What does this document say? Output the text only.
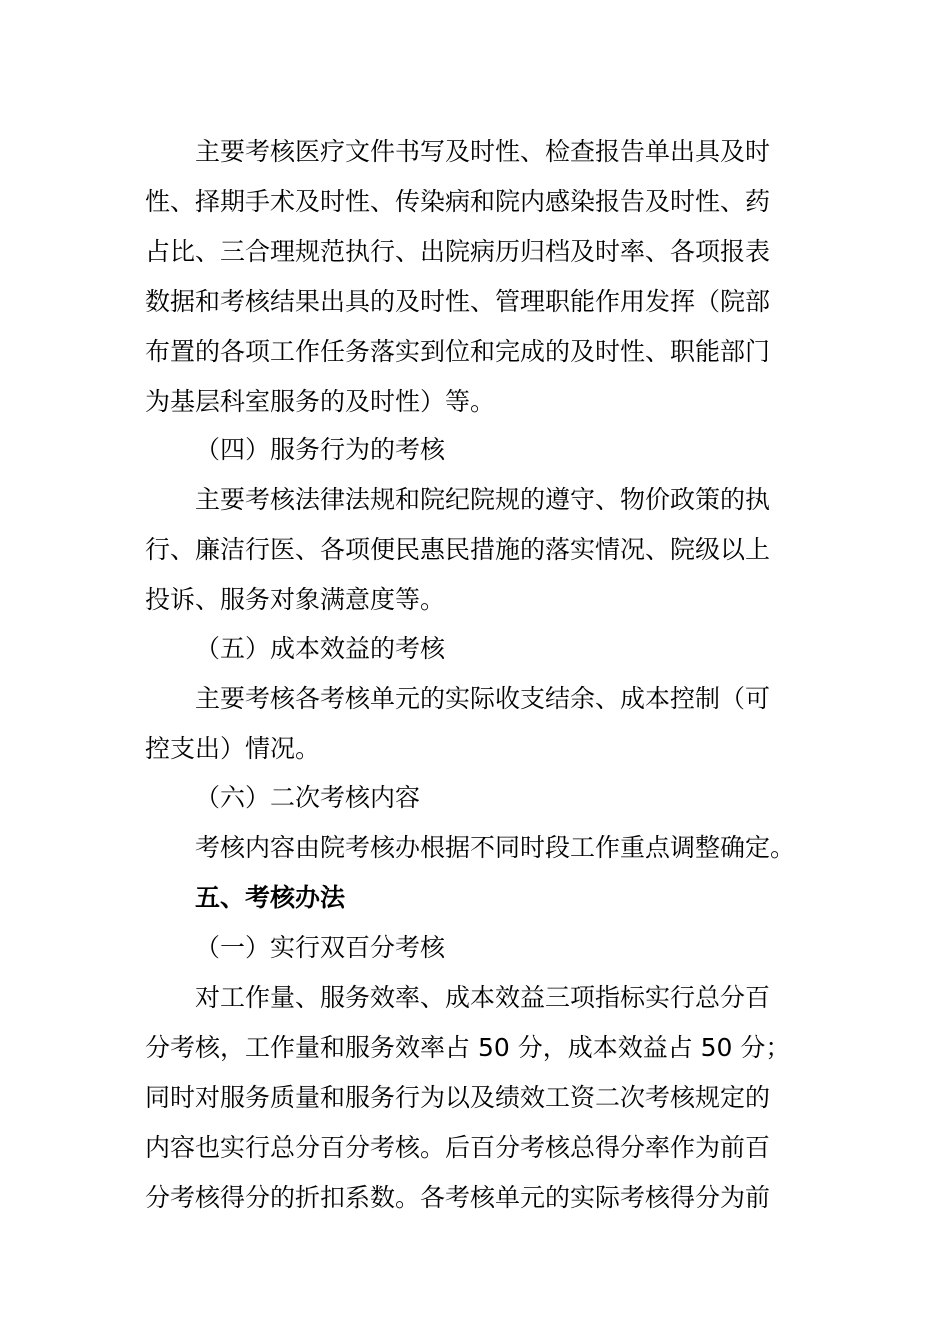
主要考核医疗文件书写及时性、检查报告单出具及时
性、择期手术及时性、传染病和院内感染报告及时性、药
占比、三合理规范执行、出院病历归档及时率、各项报表
数据和考核结果出具的及时性、管理职能作用发挥（院部
布置的各项工作任务落实到位和完成的及时性、职能部门
为基层科室服务的及时性）等。
（四）服务行为的考核
主要考核法律法规和院纪院规的遵守、物价政策的执
行、廉洁行医、各项便民惠民措施的落实情况、院级以上
投诉、服务对象满意度等。
（五）成本效益的考核
主要考核各考核单元的实际收支结余、成本控制（可
控支出）情况。
（六）二次考核内容
考核内容由院考核办根据不同时段工作重点调整确定。
五、考核办法
（一）实行双百分考核
对工作量、服务效率、成本效益三项指标实行总分百
分考核，工作量和服务效率占 50 分，成本效益占 50 分；
同时对服务质量和服务行为以及绩效工资二次考核规定的
内容也实行总分百分考核。后百分考核总得分率作为前百
分考核得分的折扣系数。各考核单元的实际考核得分为前
